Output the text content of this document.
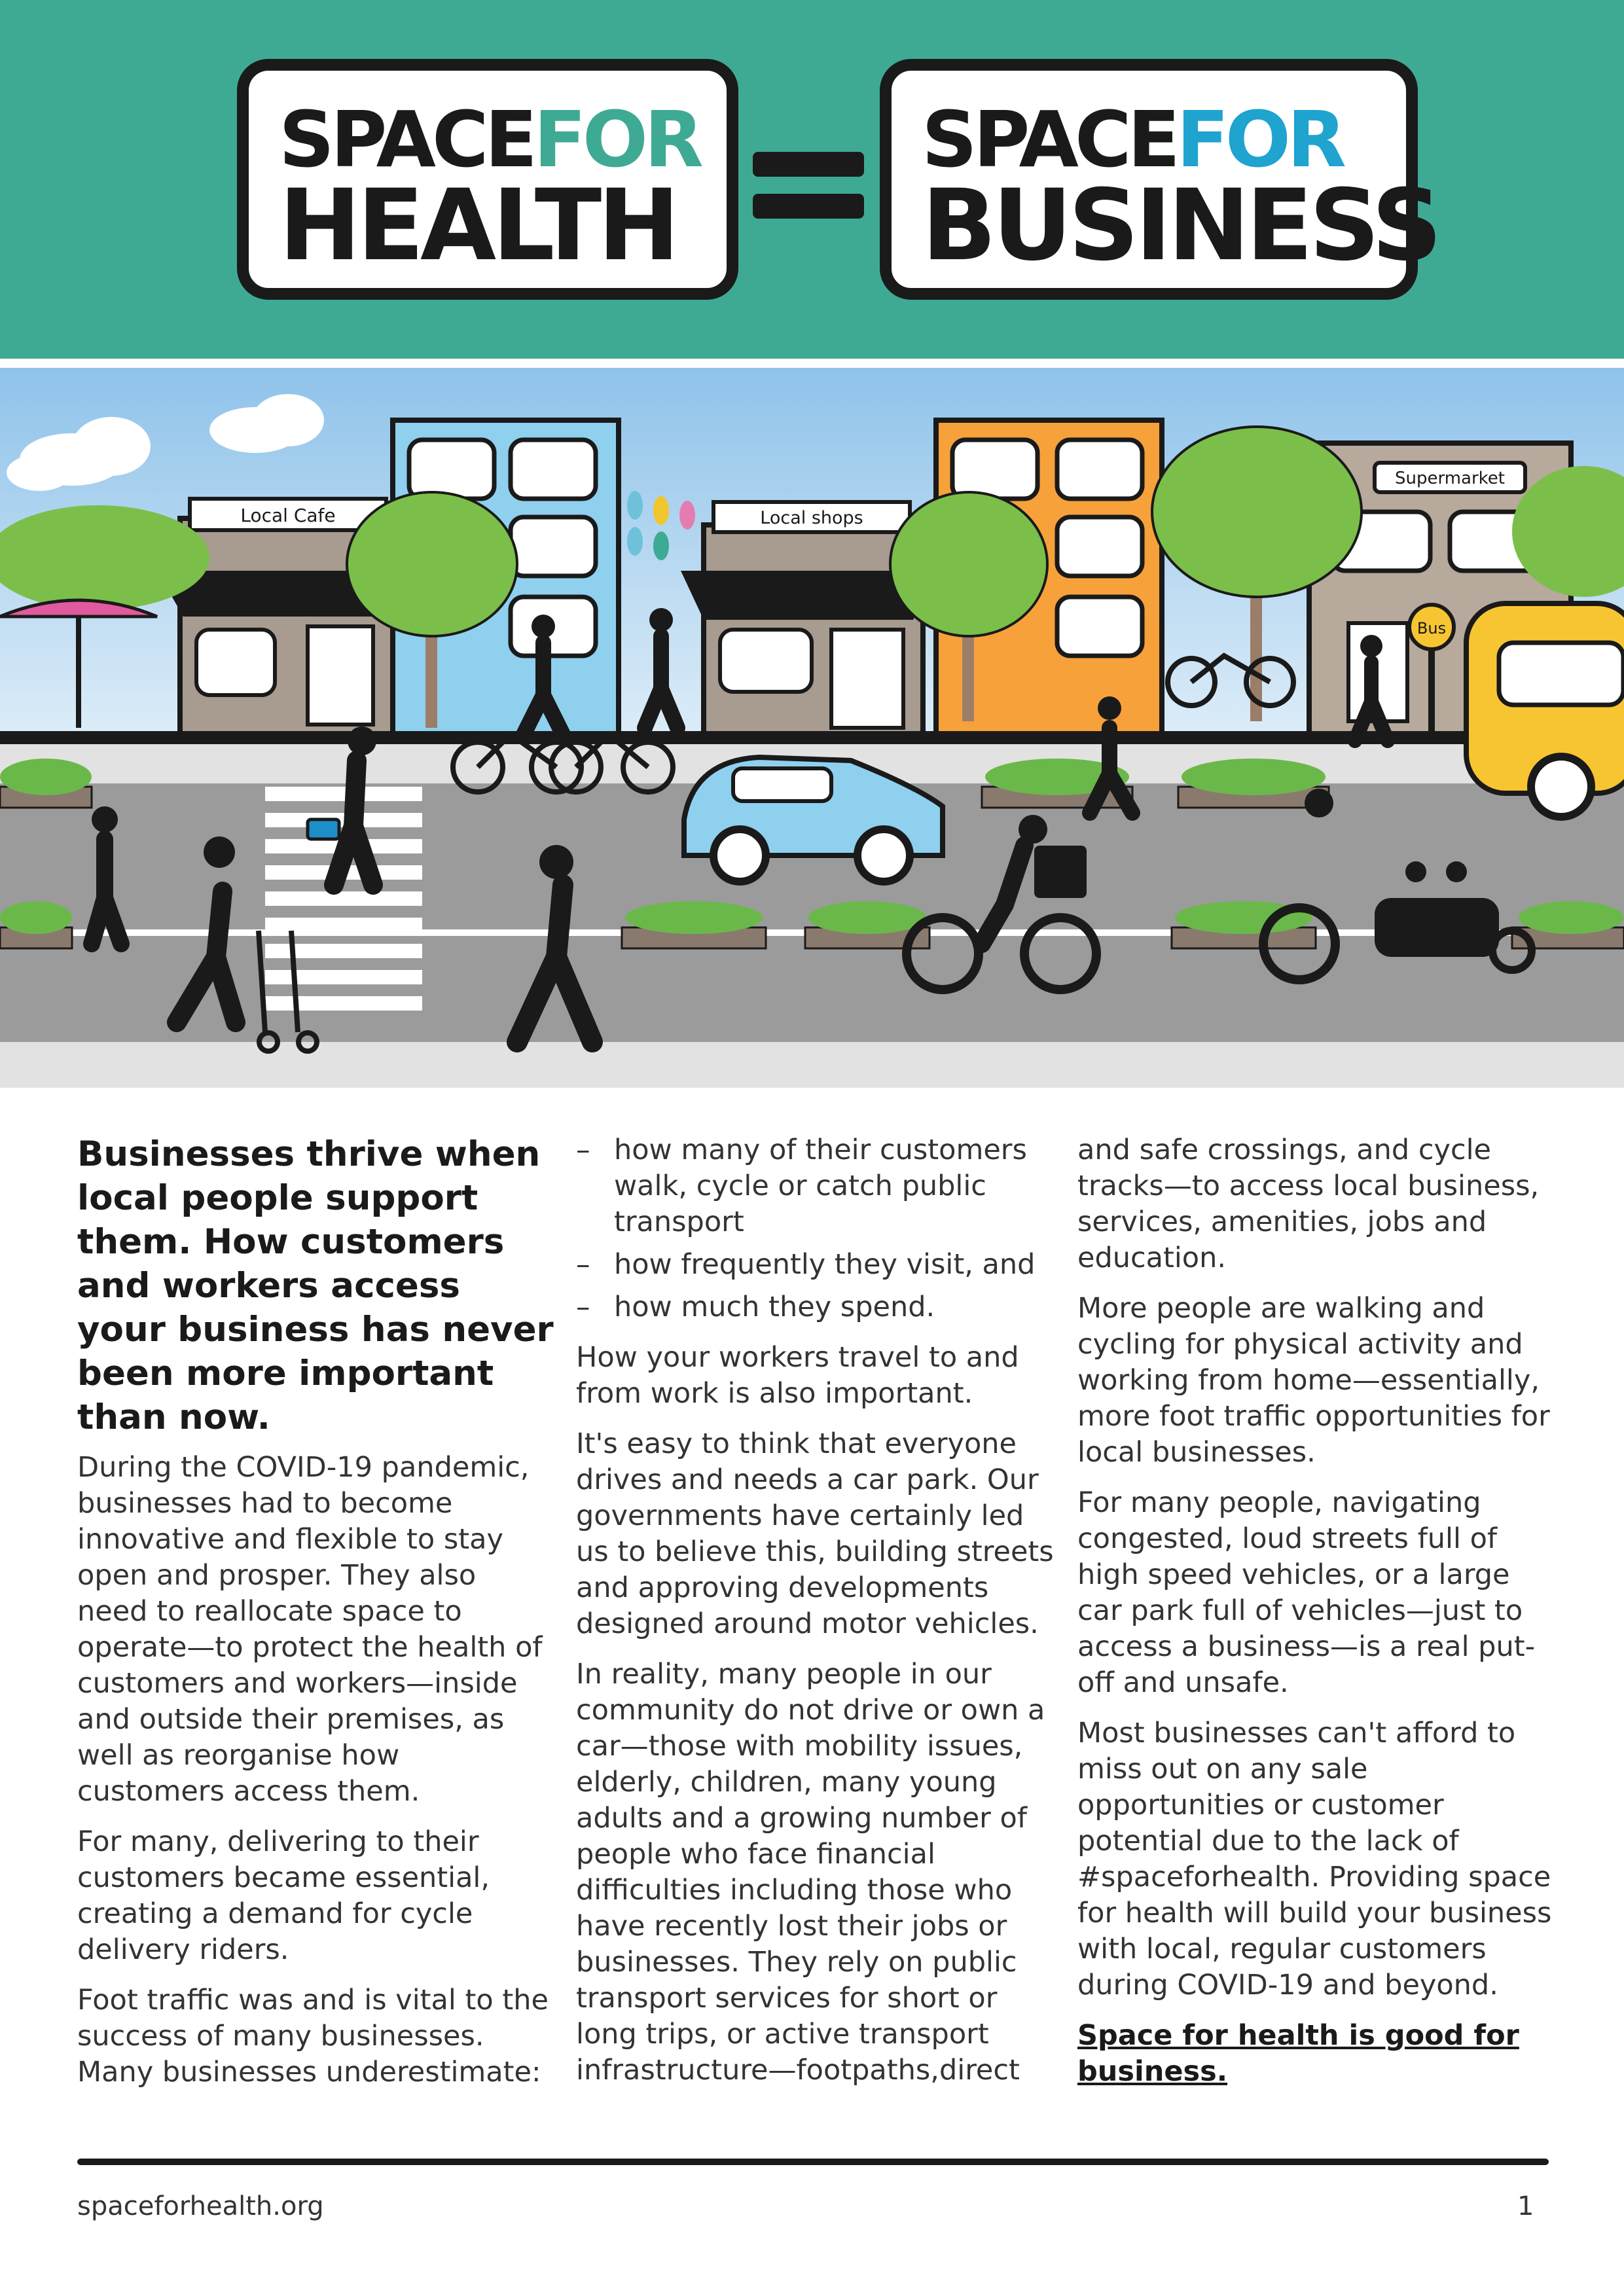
SPACEFOR
HEALTH
SPACEFOR
BUSINESS
Local Cafe	Local shops
Supermarket
Bus

Businesses thrive when local people support them. How customers and workers access your business has never been more important than now.

During the COVID-19 pandemic, businesses had to become innovative and flexible to stay open and prosper. They also need to reallocate space to operate—to protect the health of customers and workers—inside and outside their premises, as well as reorganise how customers access them.

For many, delivering to their customers became essential, creating a demand for cycle delivery riders.

Foot traffic was and is vital to the success of many businesses. Many businesses underestimate:

– how many of their customers walk, cycle or catch public transport

– how frequently they visit, and

– how much they spend.

How your workers travel to and from work is also important.

It's easy to think that everyone drives and needs a car park. Our governments have certainly led us to believe this, building streets and approving developments designed around motor vehicles.

In reality, many people in our community do not drive or own a car—those with mobility issues, elderly, children, many young adults and a growing number of people who face financial difficulties including those who have recently lost their jobs or businesses. They rely on public transport services for short or long trips, or active transport infrastructure—footpaths,direct

and safe crossings, and cycle tracks—to access local business, services, amenities, jobs and education.

More people are walking and cycling for physical activity and working from home—essentially, more foot traffic opportunities for local businesses.

For many people, navigating congested, loud streets full of high speed vehicles, or a large car park full of vehicles—just to access a business—is a real put-off and unsafe.

Most businesses can't afford to miss out on any sale opportunities or customer potential due to the lack of #spaceforhealth. Providing space for health will build your business with local, regular customers during COVID-19 and beyond.

Space for health is good for business.

spaceforhealth.org	1
